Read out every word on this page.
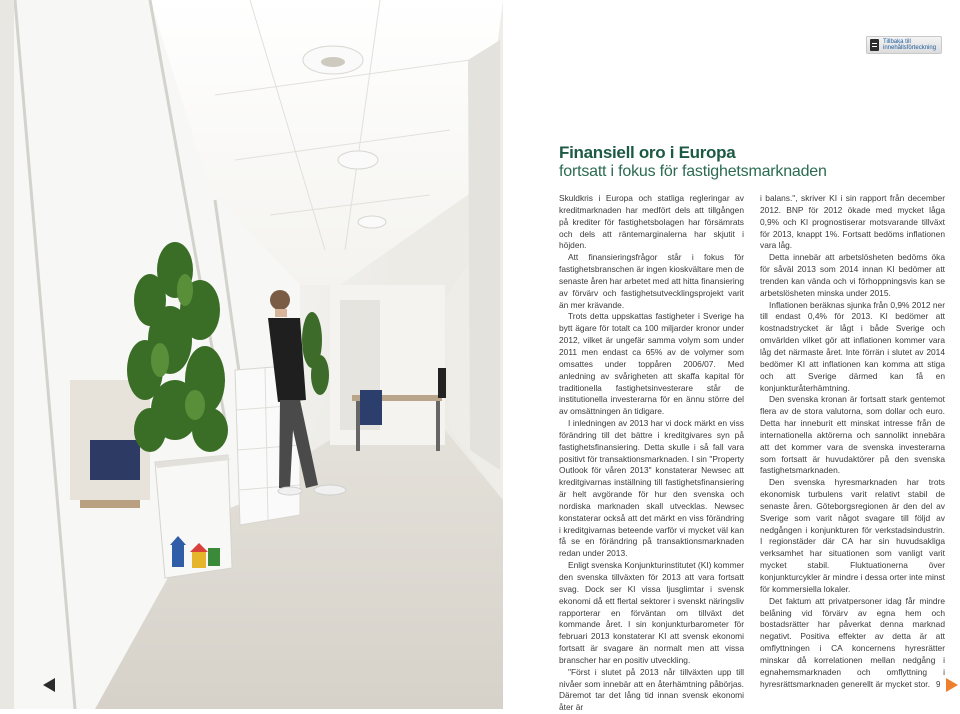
Tillbaka till innehållsförteckning
Finansiell oro i Europa
fortsatt i fokus för fastighetsmarknaden

Skuldkris i Europa och statliga regleringar av kreditmarknaden har medfört dels att tillgången på krediter för fastighetsbolagen har försämrats och dels att räntemarginalerna har skjutit i höjden.

Att finansieringsfrågor står i fokus för fastighetsbranschen är ingen kioskvältare men de senaste åren har arbetet med att hitta finansiering av förvärv och fastighetsutvecklingsprojekt varit än mer krävande.

Trots detta uppskattas fastigheter i Sverige ha bytt ägare för totalt ca 100 miljarder kronor under 2012, vilket är ungefär samma volym som under 2011 men endast ca 65% av de volymer som omsattes under toppåren 2006/07. Med anledning av svårigheten att skaffa kapital för traditionella fastighetsinvesterare står de institutionella investerarna för en ännu större del av omsättningen än tidigare.

I inledningen av 2013 har vi dock märkt en viss förändring till det bättre i kreditgivares syn på fastighetsfinansiering. Detta skulle i så fall vara positivt för transaktionsmarknaden. I sin "Property Outlook för våren 2013" konstaterar Newsec att kreditgivarnas inställning till fastighetsfinansiering är helt avgörande för hur den svenska och nordiska marknaden skall utvecklas. Newsec konstaterar också att det märkt en viss förändring i kreditgivarnas beteende varför vi mycket väl kan få se en förändring på transaktionsmarknaden redan under 2013.

Enligt svenska Konjunkturinstitutet (KI) kommer den svenska tillväxten för 2013 att vara fortsatt svag. Dock ser KI vissa ljusglimtar i svensk ekonomi då ett flertal sektorer i svenskt näringsliv rapporterar en förväntan om tillväxt det kommande året. I sin konjunkturbarometer för februari 2013 konstaterar KI att svensk ekonomi fortsatt är svagare än normalt men att vissa branscher har en positiv utveckling.

"Först i slutet på 2013 når tillväxten upp till nivåer som innebär att en återhämtning påbörjas. Däremot tar det lång tid innan svensk ekonomi åter är

i balans.", skriver KI i sin rapport från december 2012. BNP för 2012 ökade med mycket låga 0,9% och KI prognostiserar motsvarande tillväxt för 2013, knappt 1%. Fortsatt bedöms inflationen vara låg.

Detta innebär att arbetslösheten bedöms öka för såväl 2013 som 2014 innan KI bedömer att trenden kan vända och vi förhoppningsvis kan se arbetslösheten minska under 2015.

Inflationen beräknas sjunka från 0,9% 2012 ner till endast 0,4% för 2013. KI bedömer att kostnadstrycket är lågt i både Sverige och omvärlden vilket gör att inflationen kommer vara låg det närmaste året. Inte förrän i slutet av 2014 bedömer KI att inflationen kan komma att stiga och att Sverige därmed kan få en konjunkturåterhämtning.

Den svenska kronan är fortsatt stark gentemot flera av de stora valutorna, som dollar och euro. Detta har inneburit ett minskat intresse från de internationella aktörerna och sannolikt innebära att det kommer vara de svenska investerarna som fortsatt är huvudaktörer på den svenska fastighetsmarknaden.

Den svenska hyresmarknaden har trots ekonomisk turbulens varit relativt stabil de senaste åren. Göteborgsregionen är den del av Sverige som varit något svagare till följd av nedgången i konjunkturen för verkstadsindustrin. I regionstäder där CA har sin huvudsakliga verksamhet har situationen som vanligt varit mycket stabil. Fluktuationerna över konjunkturcykler är mindre i dessa orter inte minst för kommersiella lokaler.

Det faktum att privatpersoner idag får mindre belåning vid förvärv av egna hem och bostadsrätter har påverkat denna marknad negativt. Positiva effekter av detta är att omflyttningen i CA koncernens hyresrätter minskar då korrelationen mellan nedgång i egnahemsmarknaden och omflyttning i hyresrättsmarknaden generellt är mycket stor. 9
